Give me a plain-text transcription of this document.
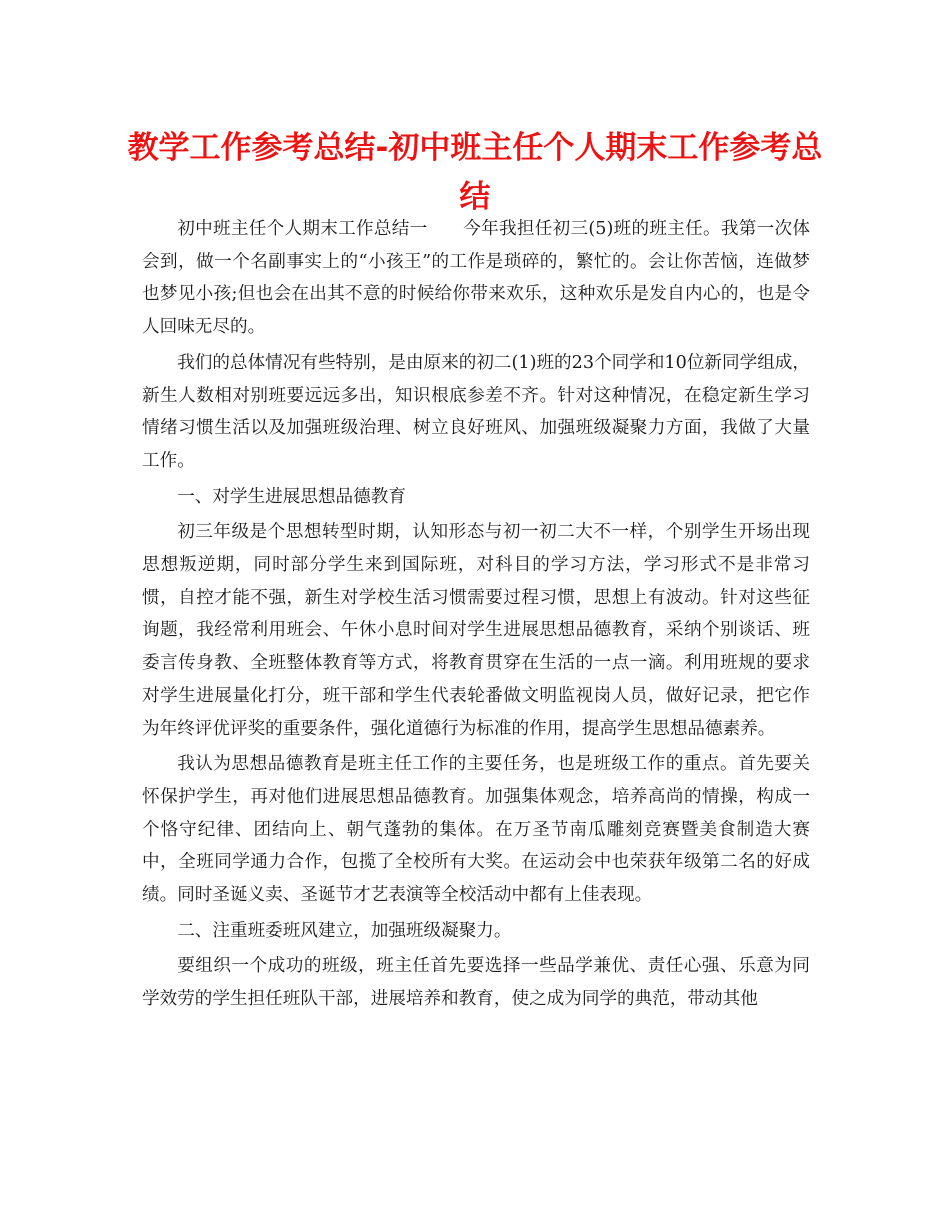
教学工作参考总结-初中班主任个人期末工作参考总结

初中班主任个人期末工作总结一　　今年我担任初三(5)班的班主任。我第一次体会到，做一个名副事实上的“小孩王”的工作是琐碎的，繁忙的。会让你苦恼，连做梦也梦见小孩;但也会在出其不意的时候给你带来欢乐，这种欢乐是发自内心的，也是令人回味无尽的。

我们的总体情况有些特别，是由原来的初二(1)班的23个同学和10位新同学组成，新生人数相对别班要远远多出，知识根底参差不齐。针对这种情况，在稳定新生学习情绪习惯生活以及加强班级治理、树立良好班风、加强班级凝聚力方面，我做了大量工作。

一、对学生进展思想品德教育

初三年级是个思想转型时期，认知形态与初一初二大不一样，个别学生开场出现思想叛逆期，同时部分学生来到国际班，对科目的学习方法，学习形式不是非常习惯，自控才能不强，新生对学校生活习惯需要过程习惯，思想上有波动。针对这些征询题，我经常利用班会、午休小息时间对学生进展思想品德教育，采纳个别谈话、班委言传身教、全班整体教育等方式，将教育贯穿在生活的一点一滴。利用班规的要求对学生进展量化打分，班干部和学生代表轮番做文明监视岗人员，做好记录，把它作为年终评优评奖的重要条件，强化道德行为标准的作用，提高学生思想品德素养。

我认为思想品德教育是班主任工作的主要任务，也是班级工作的重点。首先要关怀保护学生，再对他们进展思想品德教育。加强集体观念，培养高尚的情操，构成一个恪守纪律、团结向上、朝气蓬勃的集体。在万圣节南瓜雕刻竞赛暨美食制造大赛中，全班同学通力合作，包揽了全校所有大奖。在运动会中也荣获年级第二名的好成绩。同时圣诞义卖、圣诞节才艺表演等全校活动中都有上佳表现。

二、注重班委班风建立，加强班级凝聚力。

要组织一个成功的班级，班主任首先要选择一些品学兼优、责任心强、乐意为同学效劳的学生担任班队干部，进展培养和教育，使之成为同学的典范，带动其他
